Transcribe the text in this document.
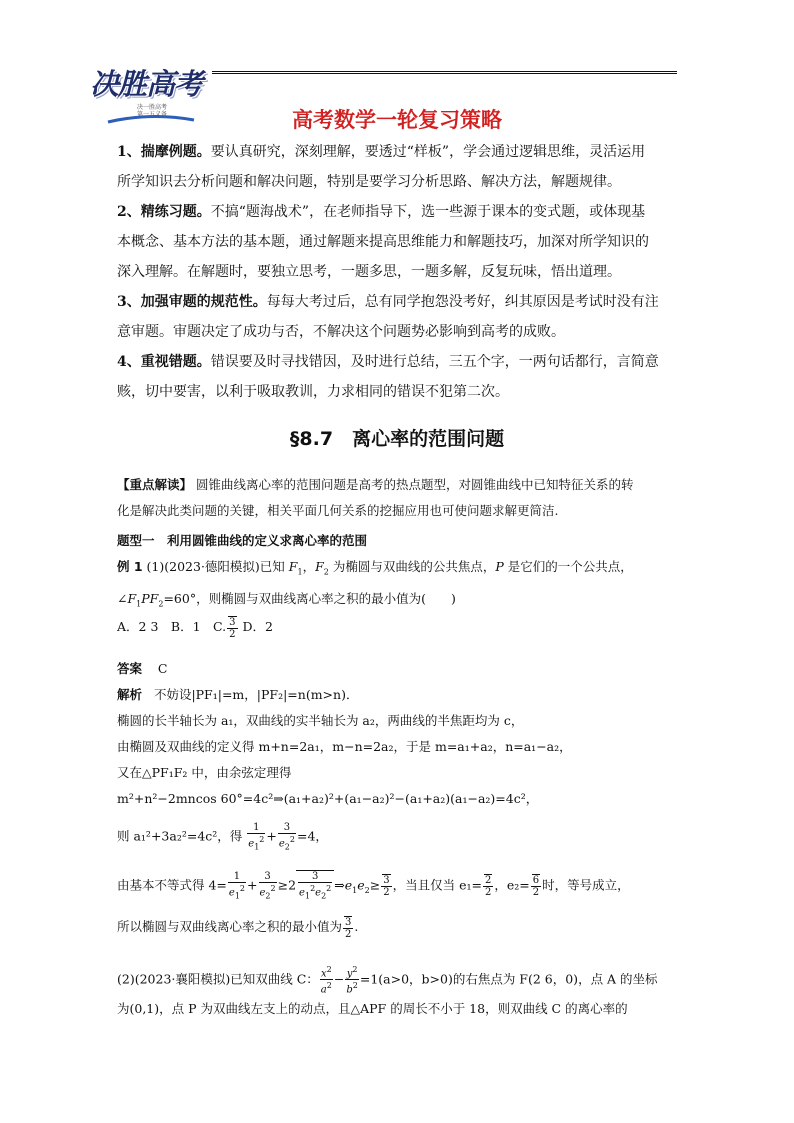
决胜高考
决一胜高考
第一五义备	高考数学一轮复习策略
1、揣摩例题。要认真研究，深刻理解，要透过“样板”，学会通过逻辑思维，灵活运用
所学知识去分析问题和解决问题，特别是要学习分析思路、解决方法，解题规律。
2、精练习题。不搞“题海战术”，在老师指导下，选一些源于课本的变式题，或体现基
本概念、基本方法的基本题，通过解题来提高思维能力和解题技巧，加深对所学知识的
深入理解。在解题时，要独立思考，一题多思，一题多解，反复玩味，悟出道理。
3、加强审题的规范性。每每大考过后，总有同学抱怨没考好，纠其原因是考试时没有注
意审题。审题决定了成功与否，不解决这个问题势必影响到高考的成败。
4、重视错题。错误要及时寻找错因，及时进行总结，三五个字，一两句话都行，言简意
赅，切中要害，以利于吸取教训，力求相同的错误不犯第二次。
§8.7　离心率的范围问题
【重点解读】 圆锥曲线离心率的范围问题是高考的热点题型，对圆锥曲线中已知特征关系的转
化是解决此类问题的关键，相关平面几何关系的挖掘应用也可使问题求解更简洁.
题型一　利用圆锥曲线的定义求离心率的范围
例 1 (1)(2023·德阳模拟)已知 $F_1$，$F_2$ 为椭圆与双曲线的公共焦点，P 是它们的一个公共点，
$\angle F_1PF_2=60^\circ$，则椭圆与双曲线离心率之积的最小值为(　　)
A．2 3　B．1　C. $\frac{3}{2}$ D．2
答案 C
解析 不妨设|PF₁|=m，|PF₂|=n(m>n)．
椭圆的长半轴长为 a₁，双曲线的实半轴长为 a₂，两曲线的半焦距均为 c，
由椭圆及双曲线的定义得 m+n=2a₁，m−n=2a₂，于是 m=a₁+a₂，n=a₁−a₂，
又在△PF₁F₂ 中，由余弦定理得
m²+n²−2mncos 60°=4c²⇒(a₁+a₂)²+(a₁−a₂)²−(a₁+a₂)(a₁−a₂)=4c²，
则 a₁²+3a₂²=4c²，得 $\frac{1}{e_1^2} + \frac{3}{e_2^2} =4$，
由基本不等式得 $4= \frac{1}{e_1^2} + \frac{3}{e_2^2} \ge 2 \frac{3}{e_1^2e_2^2}$ $\Rightarrow e_1e_2\ge \frac{3}{2}$ ，当且仅当 $e_1= \frac{2}{2}$ ，$e_2= \frac{6}{2}$ 时，等号成立，
所以椭圆与双曲线离心率之积的最小值为 $\frac{3}{2}$ .
(2)(2023·襄阳模拟)已知双曲线 C： $\frac{x^2}{a^2} - \frac{y^2}{b^2} =1(a>0$，b>0)的右焦点为 F(2 6，0)，点 A 的坐标
为(0,1)，点 P 为双曲线左支上的动点，且△APF 的周长不小于 18，则双曲线 C 的离心率的
